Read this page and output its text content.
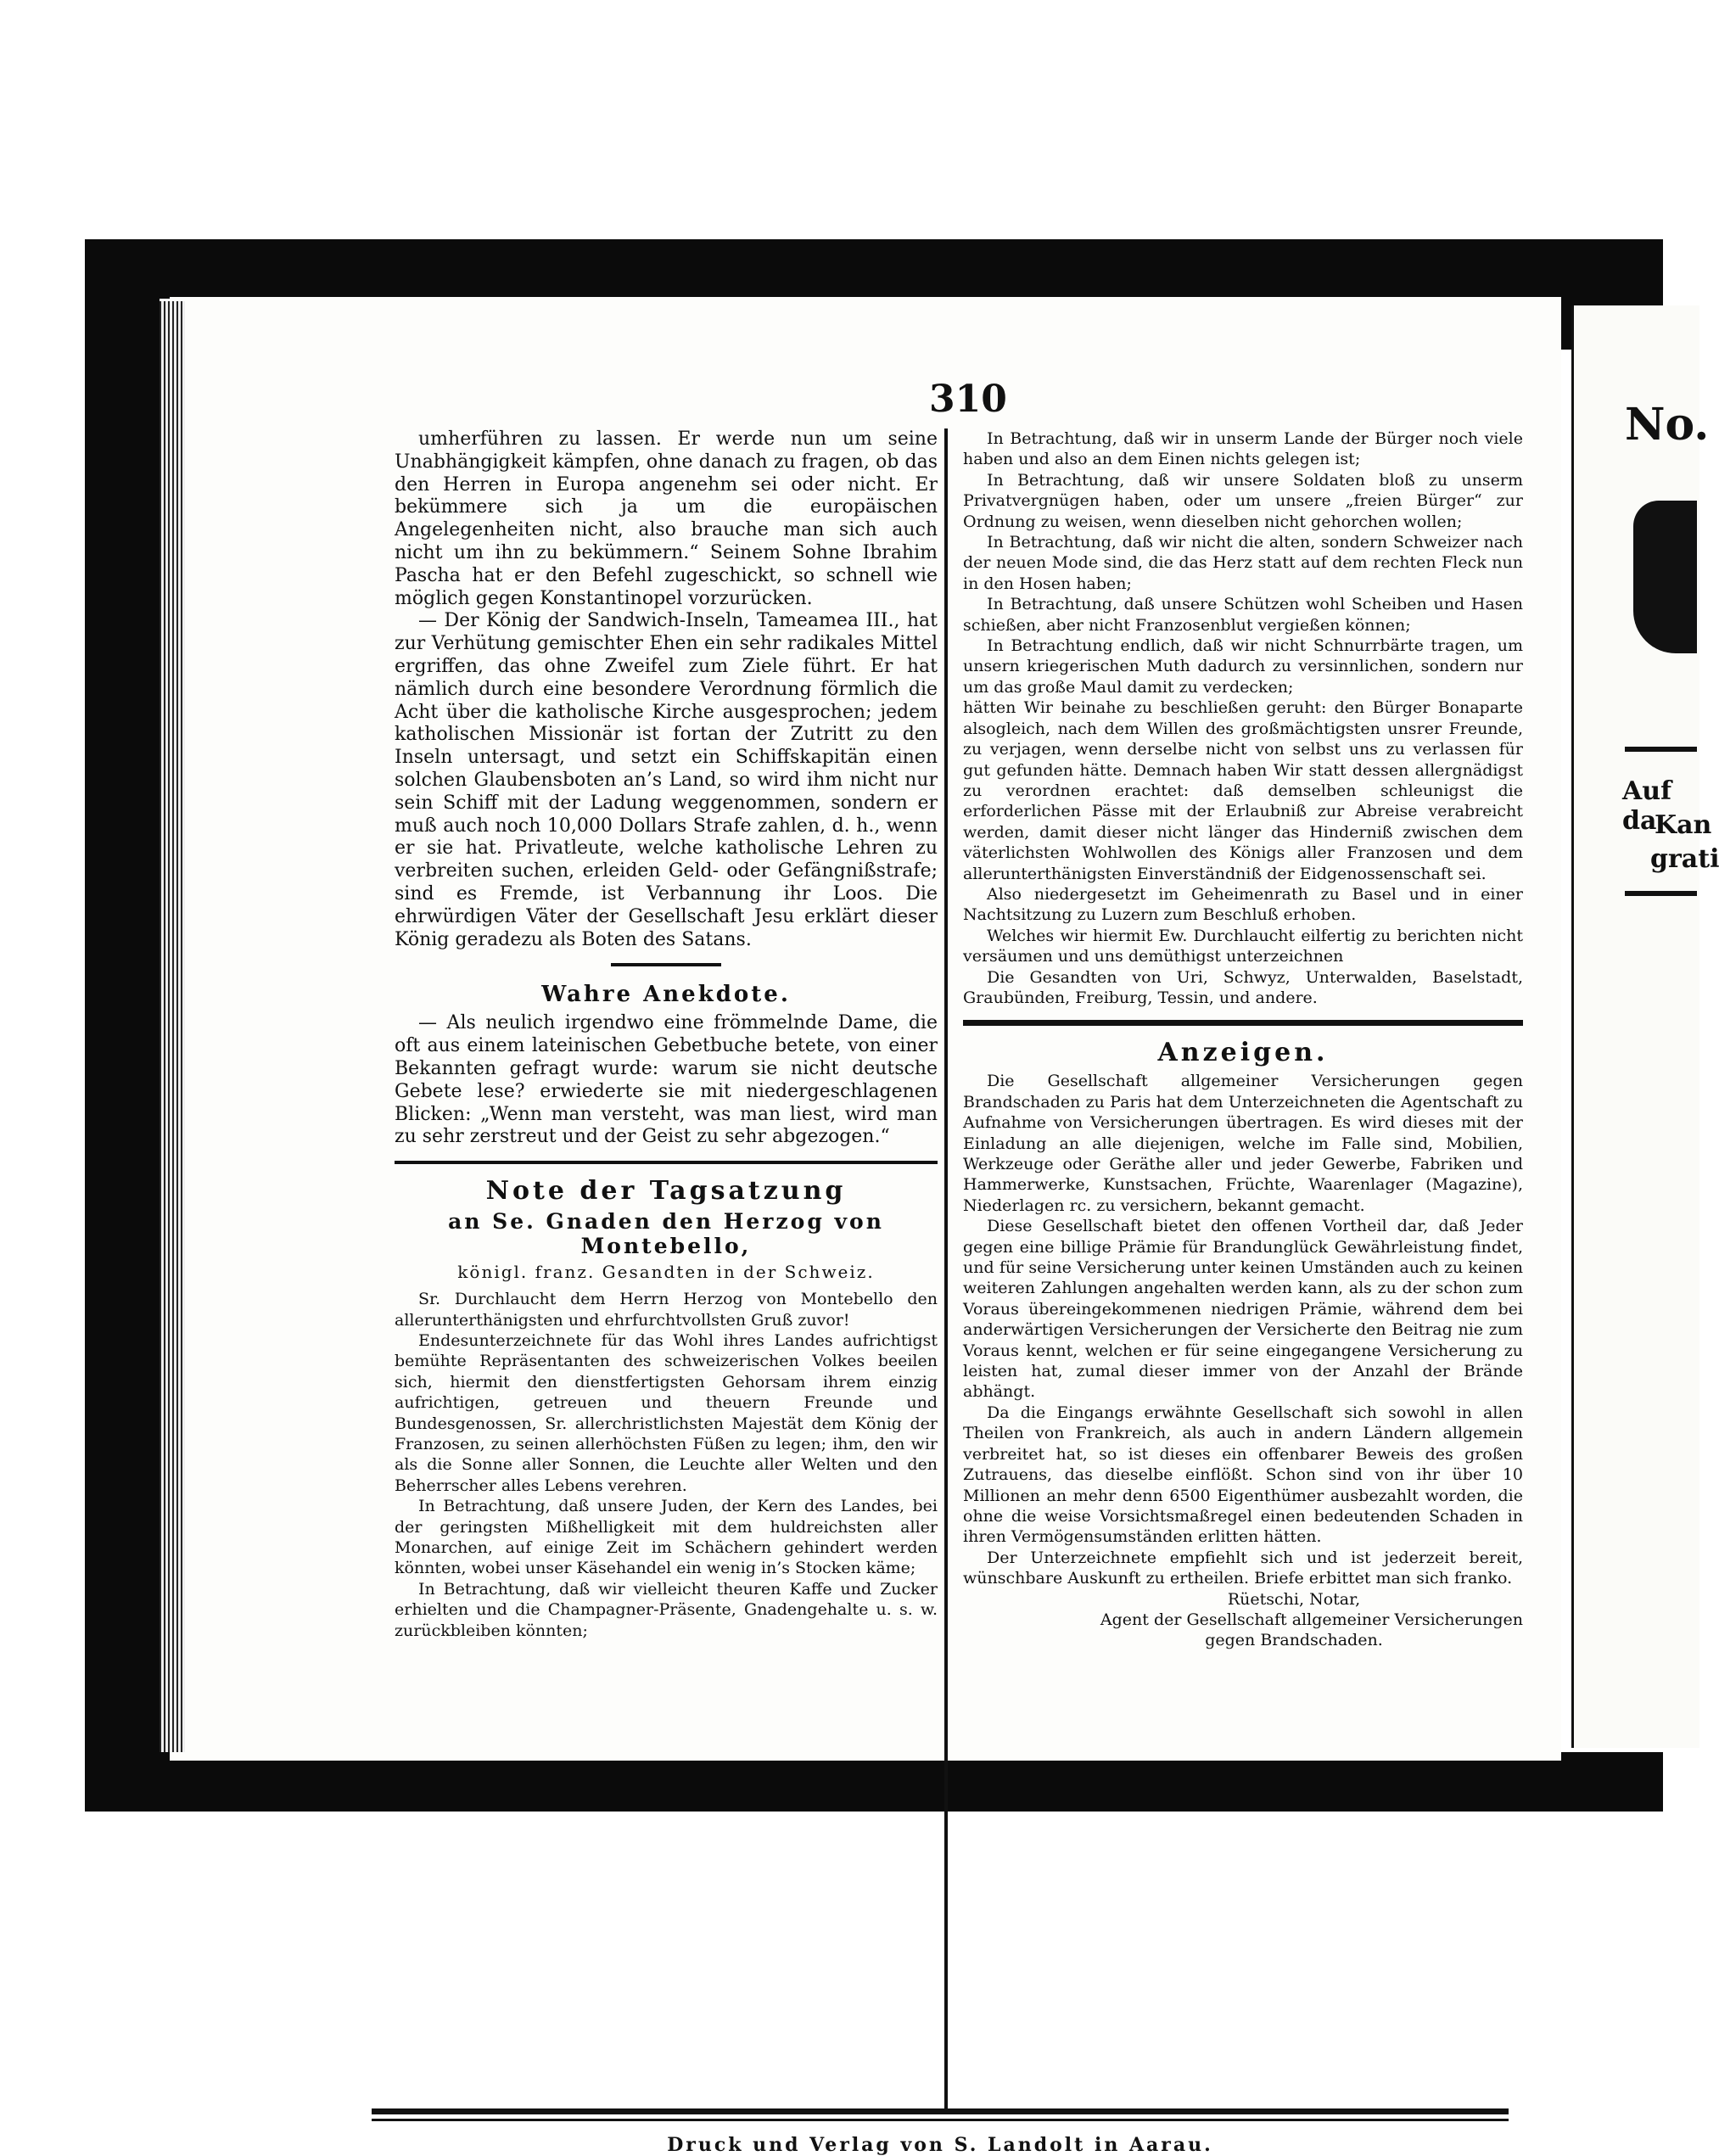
No.
Auf da
Kan
grati
310

umherführen zu lassen. Er werde nun um seine Unabhängigkeit kämpfen, ohne danach zu fragen, ob das den Herren in Europa angenehm sei oder nicht. Er bekümmere sich ja um die europäischen Angelegenheiten nicht, also brauche man sich auch nicht um ihn zu bekümmern.“ Seinem Sohne Ibrahim Pascha hat er den Befehl zugeschickt, so schnell wie möglich gegen Konstantinopel vorzurücken.

— Der König der Sandwich-Inseln, Tameamea III., hat zur Verhütung gemischter Ehen ein sehr radikales Mittel ergriffen, das ohne Zweifel zum Ziele führt. Er hat nämlich durch eine besondere Verordnung förmlich die Acht über die katholische Kirche ausgesprochen; jedem katholischen Missionär ist fortan der Zutritt zu den Inseln untersagt, und setzt ein Schiffskapitän einen solchen Glaubensboten an’s Land, so wird ihm nicht nur sein Schiff mit der Ladung weggenommen, sondern er muß auch noch 10,000 Dollars Strafe zahlen, d. h., wenn er sie hat. Privatleute, welche katholische Lehren zu verbreiten suchen, erleiden Geld- oder Gefängnißstrafe; sind es Fremde, ist Verbannung ihr Loos. Die ehrwürdigen Väter der Gesellschaft Jesu erklärt dieser König geradezu als Boten des Satans.

Wahre Anekdote.

— Als neulich irgendwo eine frömmelnde Dame, die oft aus einem lateinischen Gebetbuche betete, von einer Bekannten gefragt wurde: warum sie nicht deutsche Gebete lese? erwiederte sie mit niedergeschlagenen Blicken: „Wenn man versteht, was man liest, wird man zu sehr zerstreut und der Geist zu sehr abgezogen.“

Note der Tagsatzung
an Se. Gnaden den Herzog von Montebello,
königl. franz. Gesandten in der Schweiz.

Sr. Durchlaucht dem Herrn Herzog von Montebello den allerunterthänigsten und ehrfurchtvollsten Gruß zuvor!

Endesunterzeichnete für das Wohl ihres Landes aufrichtigst bemühte Repräsentanten des schweizerischen Volkes beeilen sich, hiermit den dienstfertigsten Gehorsam ihrem einzig aufrichtigen, getreuen und theuern Freunde und Bundesgenossen, Sr. allerchristlichsten Majestät dem König der Franzosen, zu seinen allerhöchsten Füßen zu legen; ihm, den wir als die Sonne aller Sonnen, die Leuchte aller Welten und den Beherrscher alles Lebens verehren.

In Betrachtung, daß unsere Juden, der Kern des Landes, bei der geringsten Mißhelligkeit mit dem huldreichsten aller Monarchen, auf einige Zeit im Schächern gehindert werden könnten, wobei unser Käsehandel ein wenig in’s Stocken käme;

In Betrachtung, daß wir vielleicht theuren Kaffe und Zucker erhielten und die Champagner-Präsente, Gnadengehalte u. s. w. zurückbleiben könnten;

In Betrachtung, daß wir in unserm Lande der Bürger noch viele haben und also an dem Einen nichts gelegen ist;

In Betrachtung, daß wir unsere Soldaten bloß zu unserm Privatvergnügen haben, oder um unsere „freien Bürger“ zur Ordnung zu weisen, wenn dieselben nicht gehorchen wollen;

In Betrachtung, daß wir nicht die alten, sondern Schweizer nach der neuen Mode sind, die das Herz statt auf dem rechten Fleck nun in den Hosen haben;

In Betrachtung, daß unsere Schützen wohl Scheiben und Hasen schießen, aber nicht Franzosenblut vergießen können;

In Betrachtung endlich, daß wir nicht Schnurrbärte tragen, um unsern kriegerischen Muth dadurch zu versinnlichen, sondern nur um das große Maul damit zu verdecken;

hätten Wir beinahe zu beschließen geruht: den Bürger Bonaparte alsogleich, nach dem Willen des großmächtigsten unsrer Freunde, zu verjagen, wenn derselbe nicht von selbst uns zu verlassen für gut gefunden hätte. Demnach haben Wir statt dessen allergnädigst zu verordnen erachtet: daß demselben schleunigst die erforderlichen Pässe mit der Erlaubniß zur Abreise verabreicht werden, damit dieser nicht länger das Hinderniß zwischen dem väterlichsten Wohlwollen des Königs aller Franzosen und dem allerunterthänigsten Einverständniß der Eidgenossenschaft sei.

Also niedergesetzt im Geheimenrath zu Basel und in einer Nachtsitzung zu Luzern zum Beschluß erhoben.

Welches wir hiermit Ew. Durchlaucht eilfertig zu berichten nicht versäumen und uns demüthigst unterzeichnen

Die Gesandten von Uri, Schwyz, Unterwalden, Baselstadt, Graubünden, Freiburg, Tessin, und andere.

Anzeigen.

Die Gesellschaft allgemeiner Versicherungen gegen Brandschaden zu Paris hat dem Unterzeichneten die Agentschaft zu Aufnahme von Versicherungen übertragen. Es wird dieses mit der Einladung an alle diejenigen, welche im Falle sind, Mobilien, Werkzeuge oder Geräthe aller und jeder Gewerbe, Fabriken und Hammerwerke, Kunstsachen, Früchte, Waarenlager (Magazine), Niederlagen rc. zu versichern, bekannt gemacht.

Diese Gesellschaft bietet den offenen Vortheil dar, daß Jeder gegen eine billige Prämie für Brandunglück Gewährleistung findet, und für seine Versicherung unter keinen Umständen auch zu keinen weiteren Zahlungen angehalten werden kann, als zu der schon zum Voraus übereingekommenen niedrigen Prämie, während dem bei anderwärtigen Versicherungen der Versicherte den Beitrag nie zum Voraus kennt, welchen er für seine eingegangene Versicherung zu leisten hat, zumal dieser immer von der Anzahl der Brände abhängt.

Da die Eingangs erwähnte Gesellschaft sich sowohl in allen Theilen von Frankreich, als auch in andern Ländern allgemein verbreitet hat, so ist dieses ein offenbarer Beweis des großen Zutrauens, das dieselbe einflößt. Schon sind von ihr über 10 Millionen an mehr denn 6500 Eigenthümer ausbezahlt worden, die ohne die weise Vorsichtsmaßregel einen bedeutenden Schaden in ihren Vermögensumständen erlitten hätten.

Der Unterzeichnete empfiehlt sich und ist jederzeit bereit, wünschbare Auskunft zu ertheilen. Briefe erbittet man sich franko.

Rüetschi, Notar,
Agent der Gesellschaft allgemeiner Versicherungen
gegen Brandschaden.
Druck und Verlag von S. Landolt in Aarau.
